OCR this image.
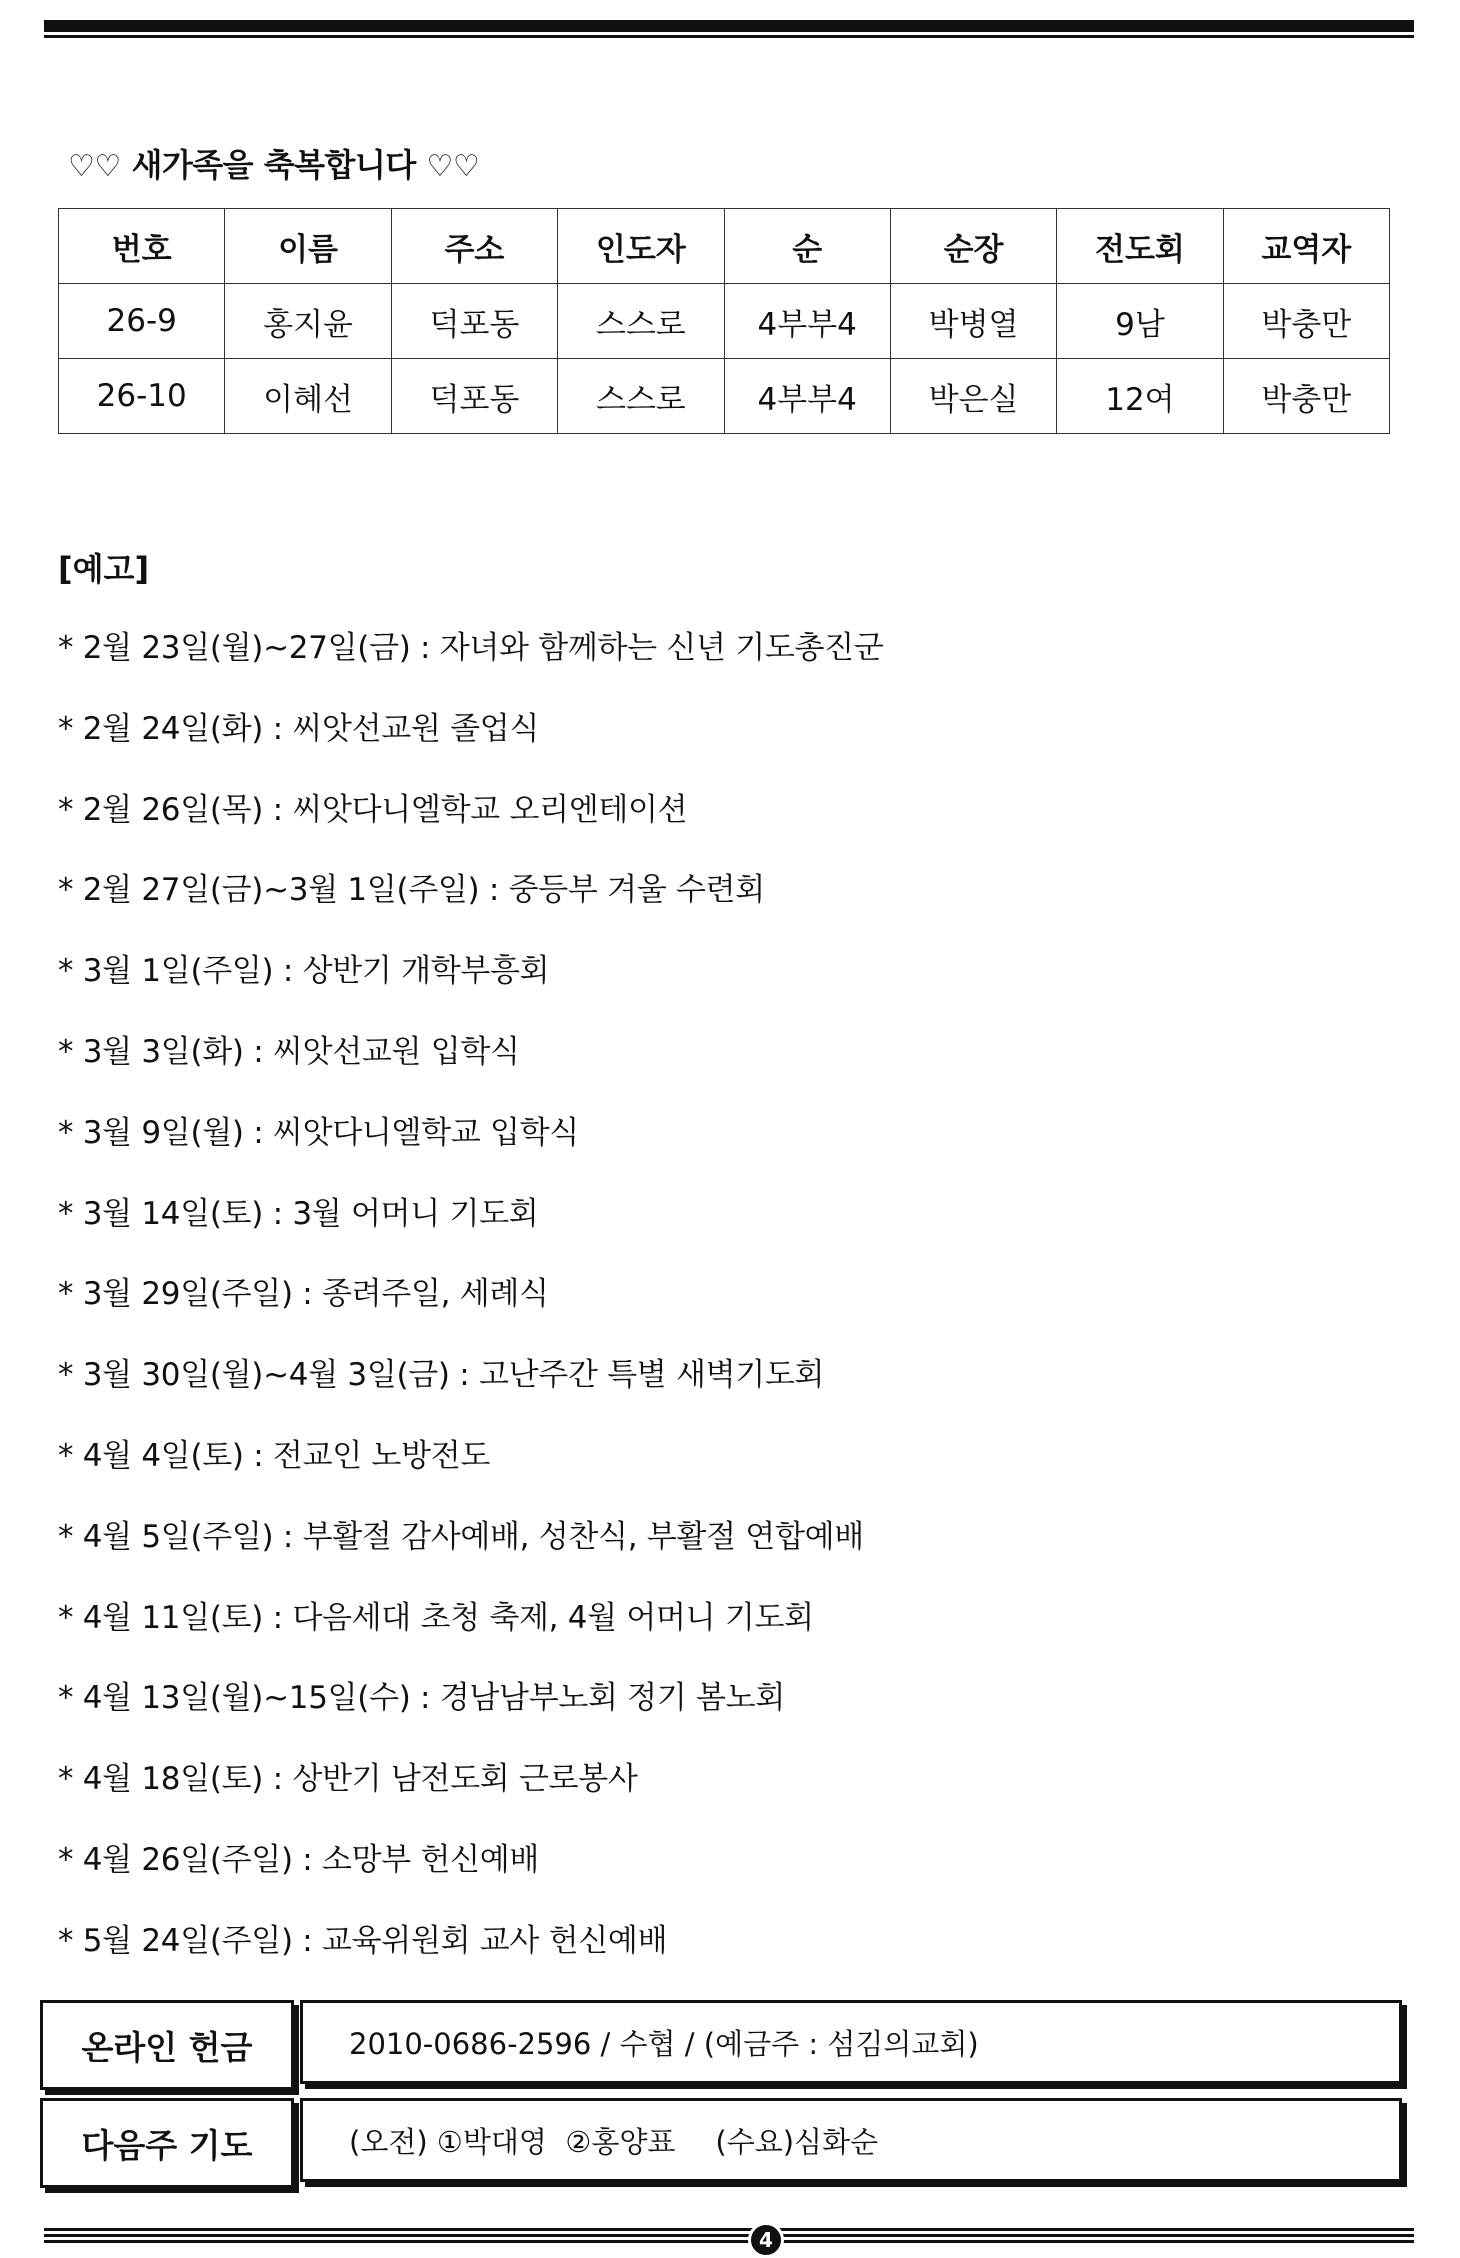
♡♡ 새가족을 축복합니다 ♡♡
번호	이름	주소	인도자	순	순장	전도회	교역자
26-9	홍지윤	덕포동	스스로	4부부4	박병열	9남	박충만
26-10	이혜선	덕포동	스스로	4부부4	박은실	12여	박충만
[예고]
* 2월 23일(월)~27일(금) : 자녀와 함께하는 신년 기도총진군
* 2월 24일(화) : 씨앗선교원 졸업식
* 2월 26일(목) : 씨앗다니엘학교 오리엔테이션
* 2월 27일(금)~3월 1일(주일) : 중등부 겨울 수련회
* 3월 1일(주일) : 상반기 개학부흥회
* 3월 3일(화) : 씨앗선교원 입학식
* 3월 9일(월) : 씨앗다니엘학교 입학식
* 3월 14일(토) : 3월 어머니 기도회
* 3월 29일(주일) : 종려주일, 세례식
* 3월 30일(월)~4월 3일(금) : 고난주간 특별 새벽기도회
* 4월 4일(토) : 전교인 노방전도
* 4월 5일(주일) : 부활절 감사예배, 성찬식, 부활절 연합예배
* 4월 11일(토) : 다음세대 초청 축제, 4월 어머니 기도회
* 4월 13일(월)~15일(수) : 경남남부노회 정기 봄노회
* 4월 18일(토) : 상반기 남전도회 근로봉사
* 4월 26일(주일) : 소망부 헌신예배
* 5월 24일(주일) : 교육위원회 교사 헌신예배
온라인 헌금	2010-0686-2596 / 수협 / (예금주 : 섬김의교회)
다음주 기도	(오전) ①박대영  ②홍양표 (수요)심화순
4
